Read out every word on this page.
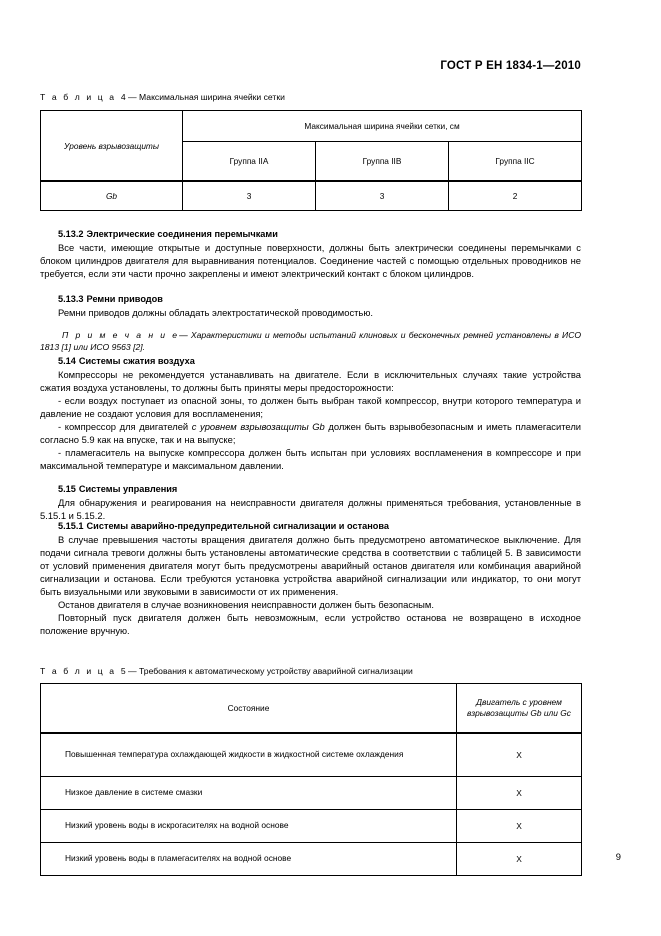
ГОСТ Р ЕН 1834-1—2010
Т а б л и ц а 4 — Максимальная ширина ячейки сетки
Уровень взрывозащиты	Максимальная ширина ячейки сетки, см		
	Группа IIA	Группа IIB	Группа IIC
Gb	3	3	2
5.13.2 Электрические соединения перемычками

Все части, имеющие открытые и доступные поверхности, должны быть электрически соединены перемычками с блоком цилиндров двигателя для выравнивания потенциалов. Соединение частей с помощью отдельных проводников не требуется, если эти части прочно закреплены и имеют электрический контакт с блоком цилиндров.

5.13.3 Ремни приводов

Ремни приводов должны обладать электростатической проводимостью.

П р и м е ч а н и е— Характеристики и методы испытаний клиновых и бесконечных ремней установлены в ИСО 1813 [1] или ИСО 9563 [2].

5.14 Системы сжатия воздуха

Компрессоры не рекомендуется устанавливать на двигателе. Если в исключительных случаях такие устройства сжатия воздуха установлены, то должны быть приняты меры предосторожности:

- если воздух поступает из опасной зоны, то должен быть выбран такой компрессор, внутри которого температура и давление не создают условия для воспламенения;

- компрессор для двигателей с уровнем взрывозащиты Gb должен быть взрывобезопасным и иметь пламегасители согласно 5.9 как на впуске, так и на выпуске;

- пламегаситель на выпуске компрессора должен быть испытан при условиях воспламенения в компрессоре и при максимальной температуре и максимальном давлении.

5.15 Системы управления

Для обнаружения и реагирования на неисправности двигателя должны применяться требования, установленные в 5.15.1 и 5.15.2.

5.15.1 Системы аварийно-предупредительной сигнализации и останова

В случае превышения частоты вращения двигателя должно быть предусмотрено автоматическое выключение. Для подачи сигнала тревоги должны быть установлены автоматические средства в соответствии с таблицей 5. В зависимости от условий применения двигателя могут быть предусмотрены аварийный останов двигателя или комбинация аварийной сигнализации и останова. Если требуются установка устройства аварийной сигнализации или индикатор, то они могут быть визуальными или звуковыми в зависимости от их применения.

Останов двигателя в случае возникновения неисправности должен быть безопасным.

Повторный пуск двигателя должен быть невозможным, если устройство останова не возвращено в исходное положение вручную.

Т а б л и ц а 5 — Требования к автоматическому устройству аварийной сигнализации
Состояние	Двигатель с уровнем
взрывозащиты Gb или Gc
Повышенная температура охлаждающей жидкости в жидкостной системе охлаждения	X
Низкое давление в системе смазки	X
Низкий уровень воды в искрогасителях на водной основе	X
Низкий уровень воды в пламегасителях на водной основе	X	9
